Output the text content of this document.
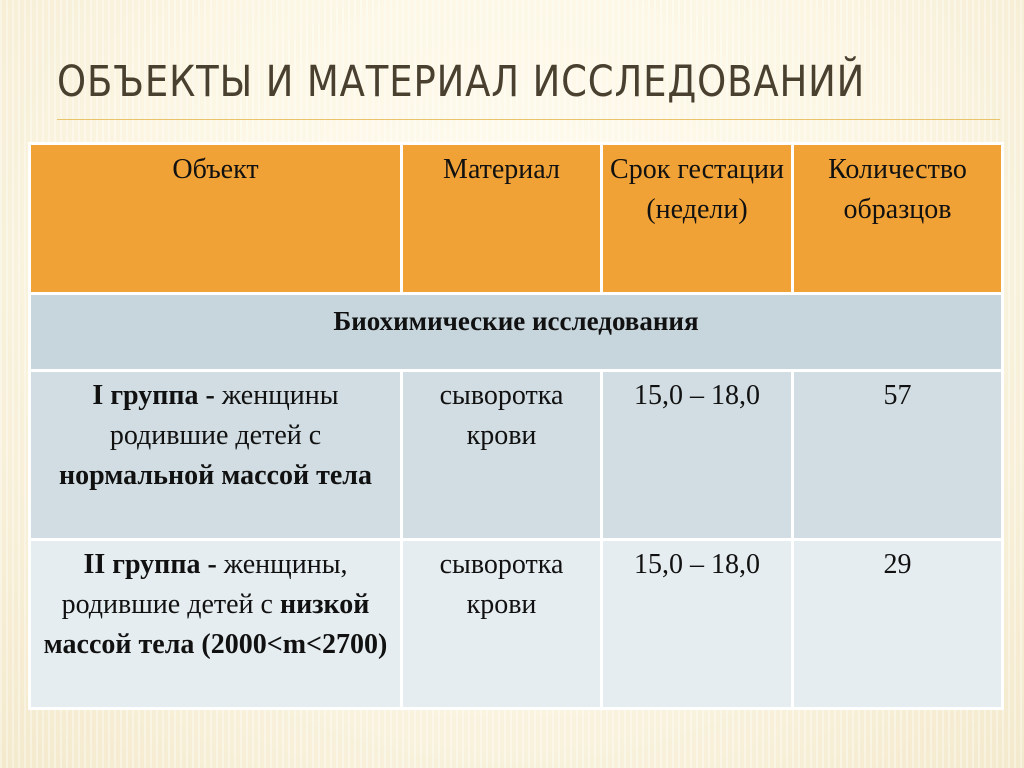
ОБЪЕКТЫ И МАТЕРИАЛ ИССЛЕДОВАНИЙ
Объект	Материал	Срок гестации (недели)	Количество образцов
Биохимические исследования			
I группа - женщины родившие детей с нормальной массой тела	сыворотка крови	15,0 – 18,0	57
II группа - женщины, родившие детей с низкой массой тела (2000<m<2700)	сыворотка крови	15,0 – 18,0	29
